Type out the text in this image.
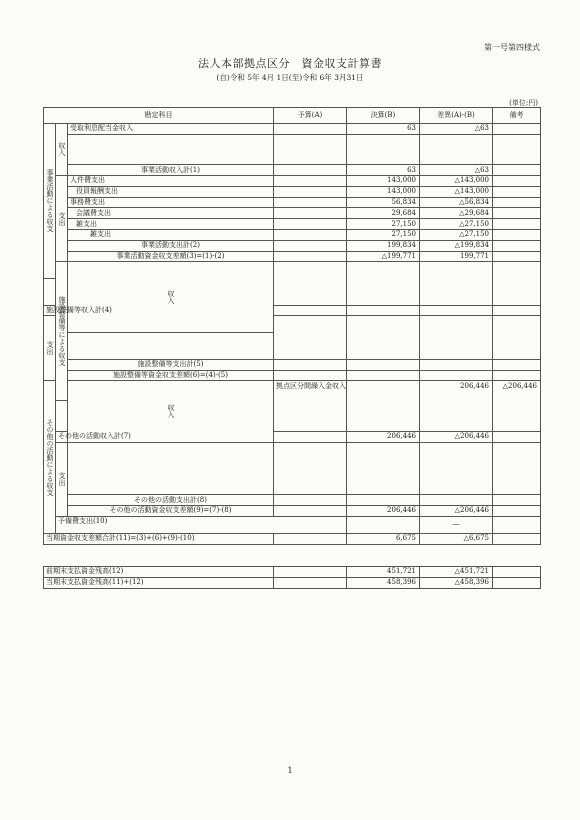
第一号第四様式
法人本部拠点区分　資金収支計算書
(自)令和 5年 4月 1日(至)令和 6年 3月31日
(単位:円)
勘定科目			予算(A)	決算(B)	差異(A)-(B)	備考	
事業活動による収支	収入	受取利息配当金収入		63	△63		

		事業活動収入計(1)		63	△63		
	支出	人件費支出		143,000	△143,000		
		役員報酬支出		143,000	△143,000		
		事務費支出		56,834	△56,834		
		会議費支出		29,684	△29,684		
		雑支出		27,150	△27,150		
		雑支出		27,150	△27,150		
		事業活動支出計(2)		199,834	△199,834		
		事業活動資金収支差額(3)=(1)-(2)		△199,771	199,771		
	施設整備等による収支	収入					

施設整備等収入計(4)							
支出							

		施設整備等支出計(5)					
		施設整備等資金収支差額(6)=(4)-(5)					
その他の活動による収支		収入	拠点区分間繰入金収入		206,446	△206,446	

	その他の活動収入計(7)			206,446	△206,446		
	支出						

		その他の活動支出計(8)					
		その他の活動資金収支差額(9)=(7)-(8)		206,446	△206,446		
	予備費支出(10)				―		
当期資金収支差額合計(11)=(3)+(6)+(9)-(10)				6,675	△6,675		
前期末支払資金残高(12)		451,721	△451,721	
当期末支払資金残高(11)+(12)		458,396	△458,396	
1
